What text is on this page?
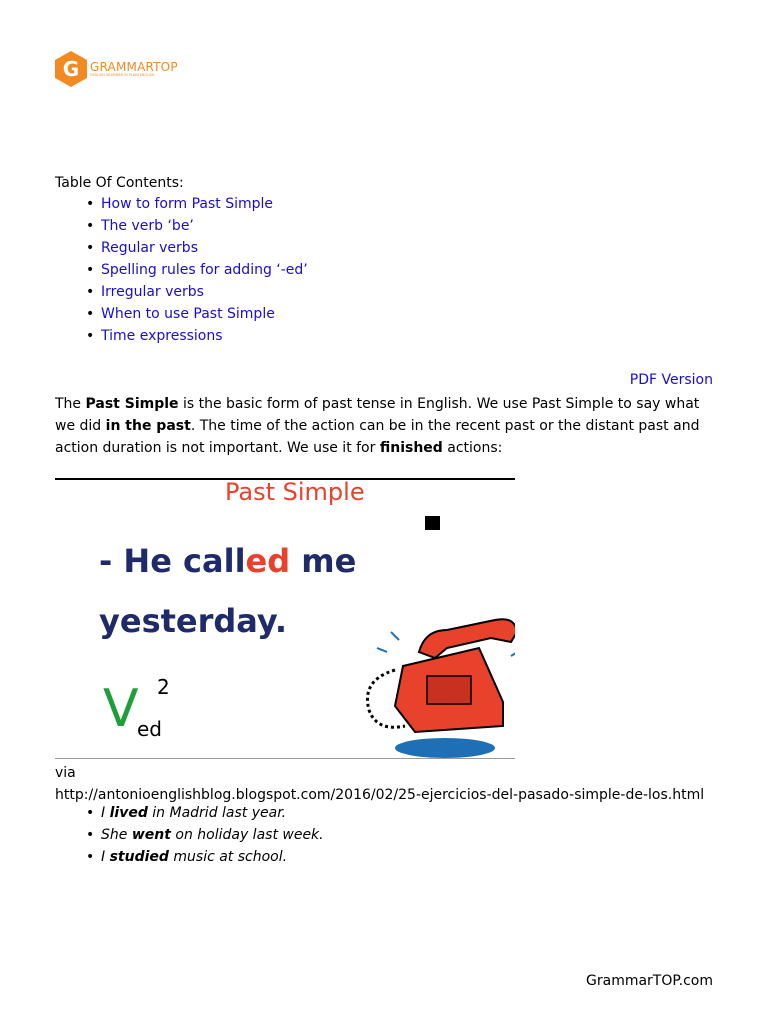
G GRAMMARTOP
ENGLISH GRAMMAR IN PLAIN ENGLISH
Table Of Contents:
• How to form Past Simple
• The verb ‘be’
• Regular verbs
• Spelling rules for adding ‘-ed’
• Irregular verbs
• When to use Past Simple
• Time expressions
PDF Version

The Past Simple is the basic form of past tense in English. We use Past Simple to say what we did in the past. The time of the action can be in the recent past or the distant past and action duration is not important. We use it for finished actions:

Past Simple
- He called me
yesterday.
V 2
ed
via
http://antonioenglishblog.blogspot.com/2016/02/25-ejercicios-del-pasado-simple-de-los.html
• I lived in Madrid last year.
• She went on holiday last week.
• I studied music at school.
GrammarTOP.com
